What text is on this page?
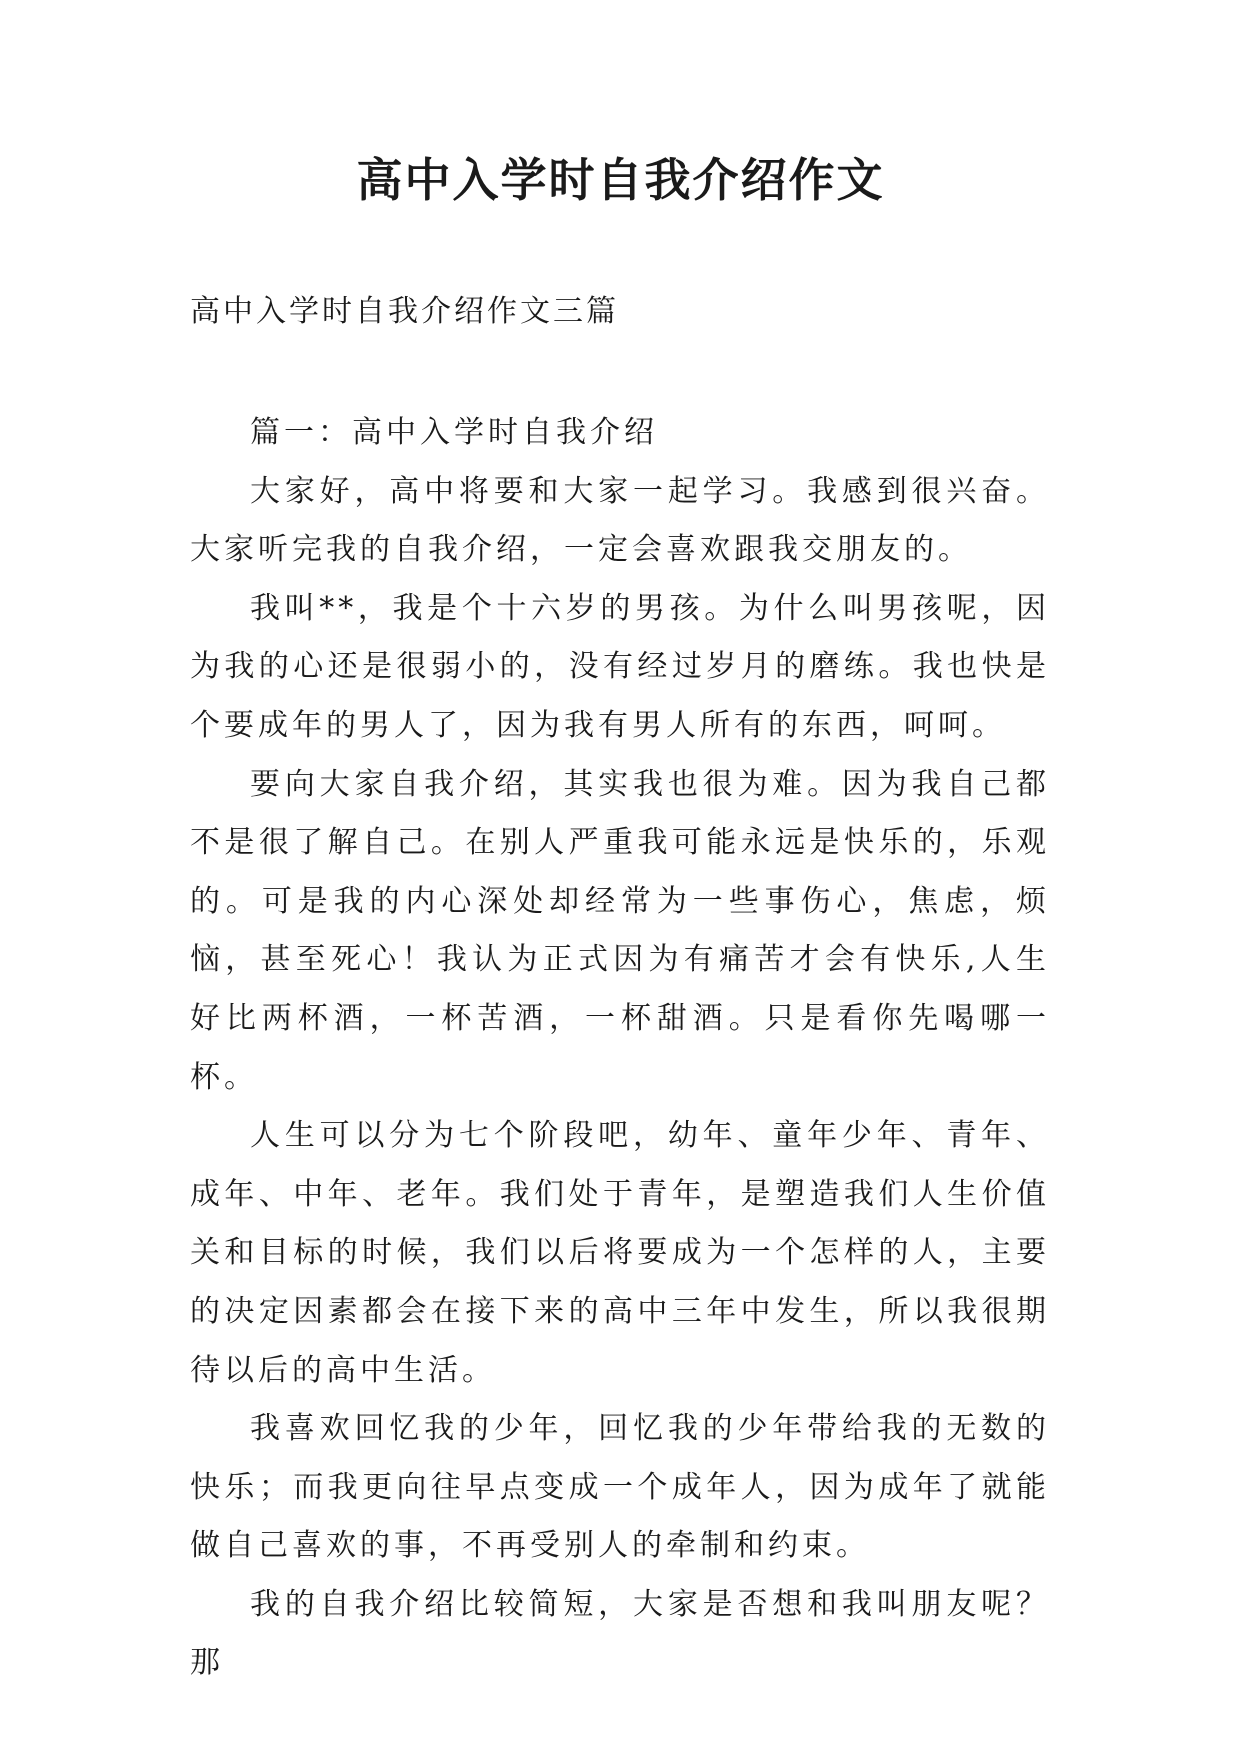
高中入学时自我介绍作文

高中入学时自我介绍作文三篇

篇一：高中入学时自我介绍

大家好，高中将要和大家一起学习。我感到很兴奋。大家听完我的自我介绍，一定会喜欢跟我交朋友的。

我叫**，我是个十六岁的男孩。为什么叫男孩呢，因为我的心还是很弱小的，没有经过岁月的磨练。我也快是个要成年的男人了，因为我有男人所有的东西，呵呵。

要向大家自我介绍，其实我也很为难。因为我自己都不是很了解自己。在别人严重我可能永远是快乐的，乐观的。可是我的内心深处却经常为一些事伤心，焦虑，烦恼，甚至死心！我认为正式因为有痛苦才会有快乐,人生好比两杯酒，一杯苦酒，一杯甜酒。只是看你先喝哪一杯。

人生可以分为七个阶段吧，幼年、童年少年、青年、成年、中年、老年。我们处于青年，是塑造我们人生价值关和目标的时候，我们以后将要成为一个怎样的人，主要的决定因素都会在接下来的高中三年中发生，所以我很期待以后的高中生活。

我喜欢回忆我的少年，回忆我的少年带给我的无数的快乐；而我更向往早点变成一个成年人，因为成年了就能做自己喜欢的事，不再受别人的牵制和约束。

我的自我介绍比较简短，大家是否想和我叫朋友呢？那
